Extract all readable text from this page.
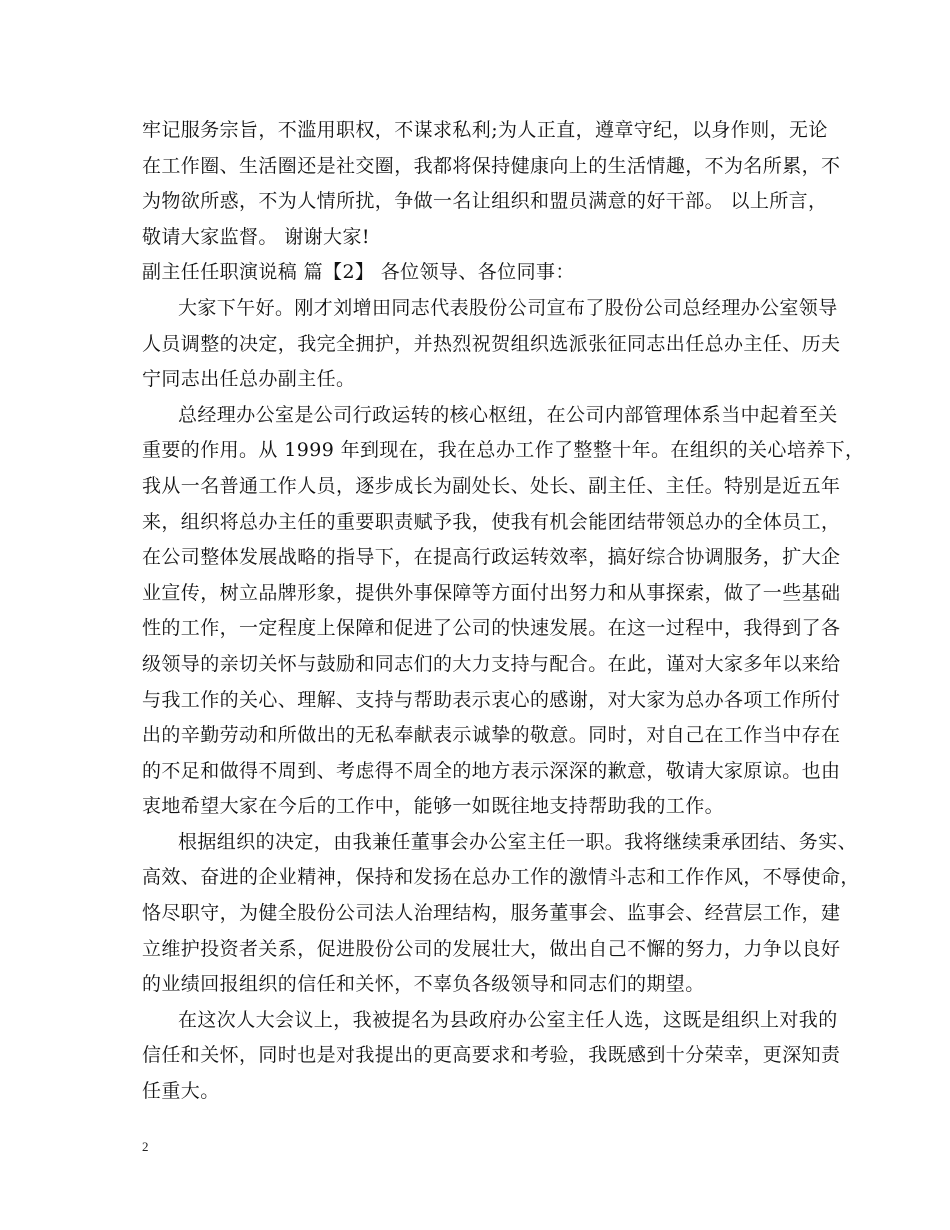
牢记服务宗旨，不滥用职权，不谋求私利;为人正直，遵章守纪，以身作则，无论
在工作圈、生活圈还是社交圈，我都将保持健康向上的生活情趣，不为名所累，不
为物欲所惑，不为人情所扰，争做一名让组织和盟员满意的好干部。 以上所言，
敬请大家监督。 谢谢大家!
副主任任职演说稿 篇【2】 各位领导、各位同事：
大家下午好。刚才刘增田同志代表股份公司宣布了股份公司总经理办公室领导
人员调整的决定，我完全拥护，并热烈祝贺组织选派张征同志出任总办主任、历夫
宁同志出任总办副主任。
总经理办公室是公司行政运转的核心枢纽，在公司内部管理体系当中起着至关
重要的作用。从 1999 年到现在，我在总办工作了整整十年。在组织的关心培养下，
我从一名普通工作人员，逐步成长为副处长、处长、副主任、主任。特别是近五年
来，组织将总办主任的重要职责赋予我，使我有机会能团结带领总办的全体员工，
在公司整体发展战略的指导下，在提高行政运转效率，搞好综合协调服务，扩大企
业宣传，树立品牌形象，提供外事保障等方面付出努力和从事探索，做了一些基础
性的工作，一定程度上保障和促进了公司的快速发展。在这一过程中，我得到了各
级领导的亲切关怀与鼓励和同志们的大力支持与配合。在此，谨对大家多年以来给
与我工作的关心、理解、支持与帮助表示衷心的感谢，对大家为总办各项工作所付
出的辛勤劳动和所做出的无私奉献表示诚挚的敬意。同时，对自己在工作当中存在
的不足和做得不周到、考虑得不周全的地方表示深深的歉意，敬请大家原谅。也由
衷地希望大家在今后的工作中，能够一如既往地支持帮助我的工作。
根据组织的决定，由我兼任董事会办公室主任一职。我将继续秉承团结、务实、
高效、奋进的企业精神，保持和发扬在总办工作的激情斗志和工作作风，不辱使命，
恪尽职守，为健全股份公司法人治理结构，服务董事会、监事会、经营层工作，建
立维护投资者关系，促进股份公司的发展壮大，做出自己不懈的努力，力争以良好
的业绩回报组织的信任和关怀，不辜负各级领导和同志们的期望。
在这次人大会议上，我被提名为县政府办公室主任人选，这既是组织上对我的
信任和关怀，同时也是对我提出的更高要求和考验，我既感到十分荣幸，更深知责
任重大。
2
